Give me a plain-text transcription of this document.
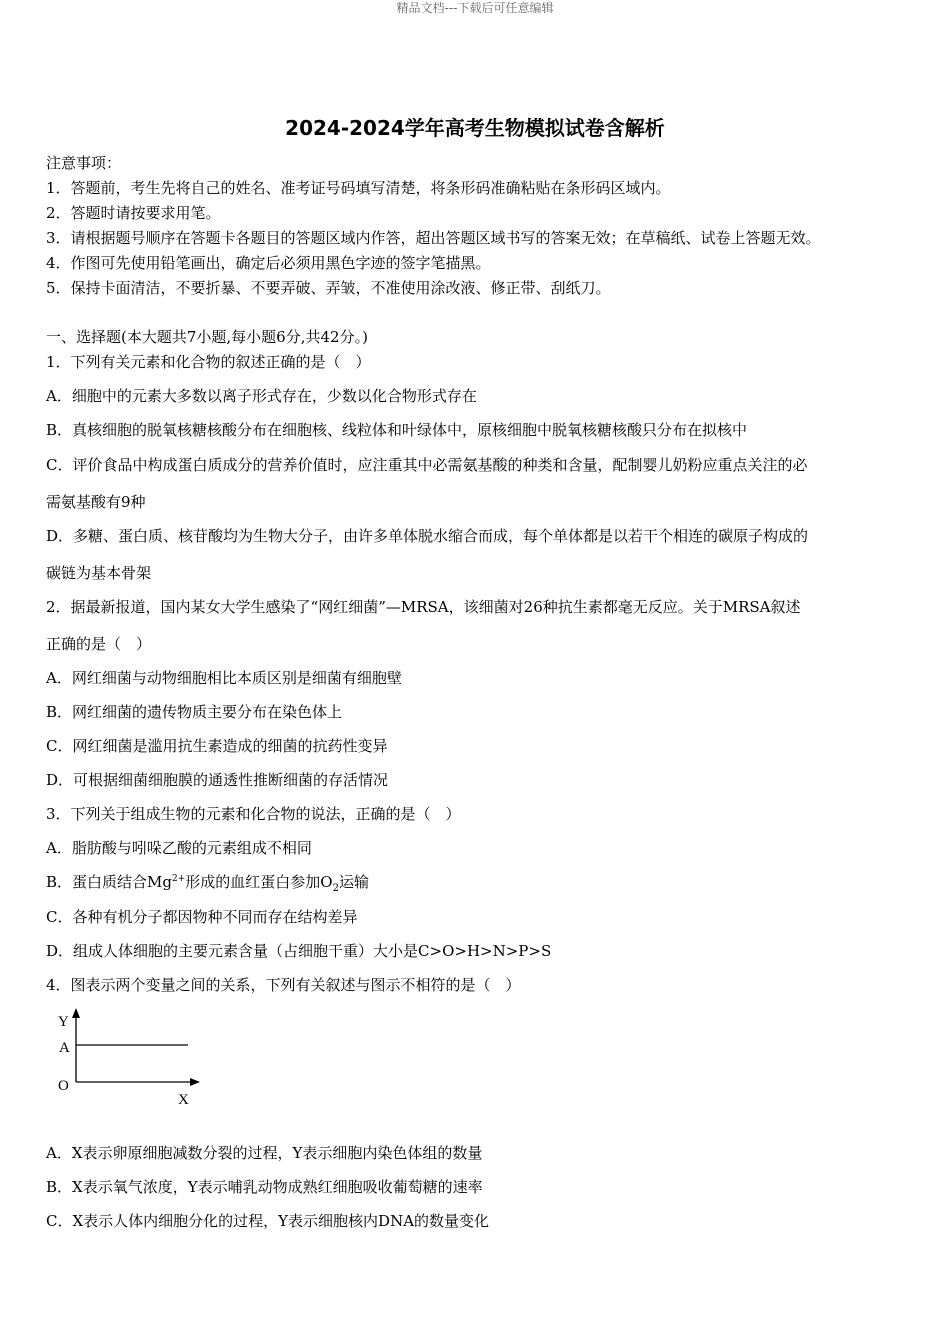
精品文档---下载后可任意编辑
2024-2024学年高考生物模拟试卷含解析
注意事项：
1．答题前，考生先将自己的姓名、准考证号码填写清楚，将条形码准确粘贴在条形码区域内。
2．答题时请按要求用笔。
3．请根据题号顺序在答题卡各题目的答题区域内作答，超出答题区域书写的答案无效；在草稿纸、试卷上答题无效。
4．作图可先使用铅笔画出，确定后必须用黑色字迹的签字笔描黑。
5．保持卡面清洁，不要折暴、不要弄破、弄皱，不准使用涂改液、修正带、刮纸刀。
一、选择题(本大题共7小题,每小题6分,共42分。)
1．下列有关元素和化合物的叙述正确的是（　）
A．细胞中的元素大多数以离子形式存在，少数以化合物形式存在
B．真核细胞的脱氧核糖核酸分布在细胞核、线粒体和叶绿体中，原核细胞中脱氧核糖核酸只分布在拟核中
C．评价食品中构成蛋白质成分的营养价值时，应注重其中必需氨基酸的种类和含量，配制婴儿奶粉应重点关注的必
需氨基酸有9种
D．多糖、蛋白质、核苷酸均为生物大分子，由许多单体脱水缩合而成，每个单体都是以若干个相连的碳原子构成的
碳链为基本骨架
2．据最新报道，国内某女大学生感染了“网红细菌”—MRSA，该细菌对26种抗生素都毫无反应。关于MRSA叙述
正确的是（　）
A．网红细菌与动物细胞相比本质区别是细菌有细胞壁
B．网红细菌的遗传物质主要分布在染色体上
C．网红细菌是滥用抗生素造成的细菌的抗药性变异
D．可根据细菌细胞膜的通透性推断细菌的存活情况
3．下列关于组成生物的元素和化合物的说法，正确的是（　）
A．脂肪酸与吲哚乙酸的元素组成不相同
B．蛋白质结合$Mg^{2+}$形成的血红蛋白参加$O_2$运输
C．各种有机分子都因物种不同而存在结构差异
D．组成人体细胞的主要元素含量（占细胞干重）大小是C>O>H>N>P>S
4．图表示两个变量之间的关系，下列有关叙述与图示不相符的是（　）
Y
A
O
X
A．X表示卵原细胞减数分裂的过程，Y表示细胞内染色体组的数量
B．X表示氧气浓度，Y表示哺乳动物成熟红细胞吸收葡萄糖的速率
C．X表示人体内细胞分化的过程，Y表示细胞核内DNA的数量变化
